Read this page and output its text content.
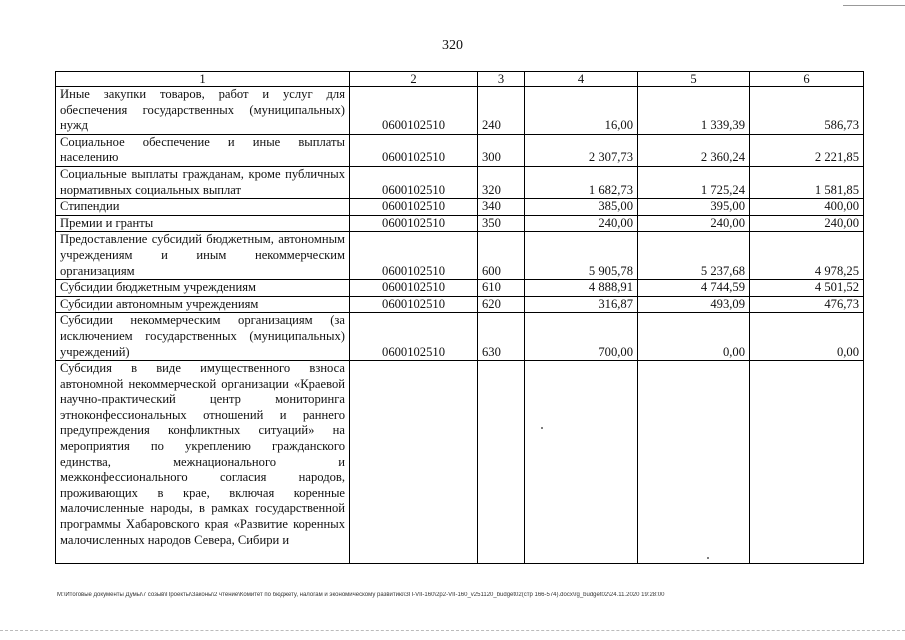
320
1	2	3	4	5	6
Иные закупки товаров, работ и услуг для обеспечения государственных (муниципальных) нужд	0600102510	240	16,00	1 339,39	586,73
Социальное обеспечение и иные выплаты населению	0600102510	300	2 307,73	2 360,24	2 221,85
Социальные выплаты гражданам, кроме публичных нормативных социальных выплат	0600102510	320	1 682,73	1 725,24	1 581,85
Стипендии	0600102510	340	385,00	395,00	400,00
Премии и гранты	0600102510	350	240,00	240,00	240,00
Предоставление субсидий бюджетным, автономным учреждениям и иным некоммерческим организациям	0600102510	600	5 905,78	5 237,68	4 978,25
Субсидии бюджетным учреждениям	0600102510	610	4 888,91	4 744,59	4 501,52
Субсидии автономным учреждениям	0600102510	620	316,87	493,09	476,73
Субсидии некоммерческим организациям (за исключением государственных (муниципальных) учреждений)	0600102510	630	700,00	0,00	0,00
Субсидия в виде имущественного взноса автономной некоммерческой организации «Краевой научно-практический центр мониторинга этноконфессиональных отношений и раннего предупреждения конфликтных ситуаций» на мероприятия по укреплению гражданского единства, межнационального и межконфессионального согласия народов, проживающих в крае, включая коренные малочисленные народы, в рамках государственной программы Хабаровского края «Развитие коренных малочисленных народов Севера, Сибири и					
M:\Итоговые документы Думы\7 созыв\Проекты\Законы\2 чтение\Комитет по бюджету, налогам и экономическому развитию\ЗП-VII-160\2р2-VII-160_v251120_budget02(стр 166-574).docx\rg_budget02\24.11.2020 19:28:00
